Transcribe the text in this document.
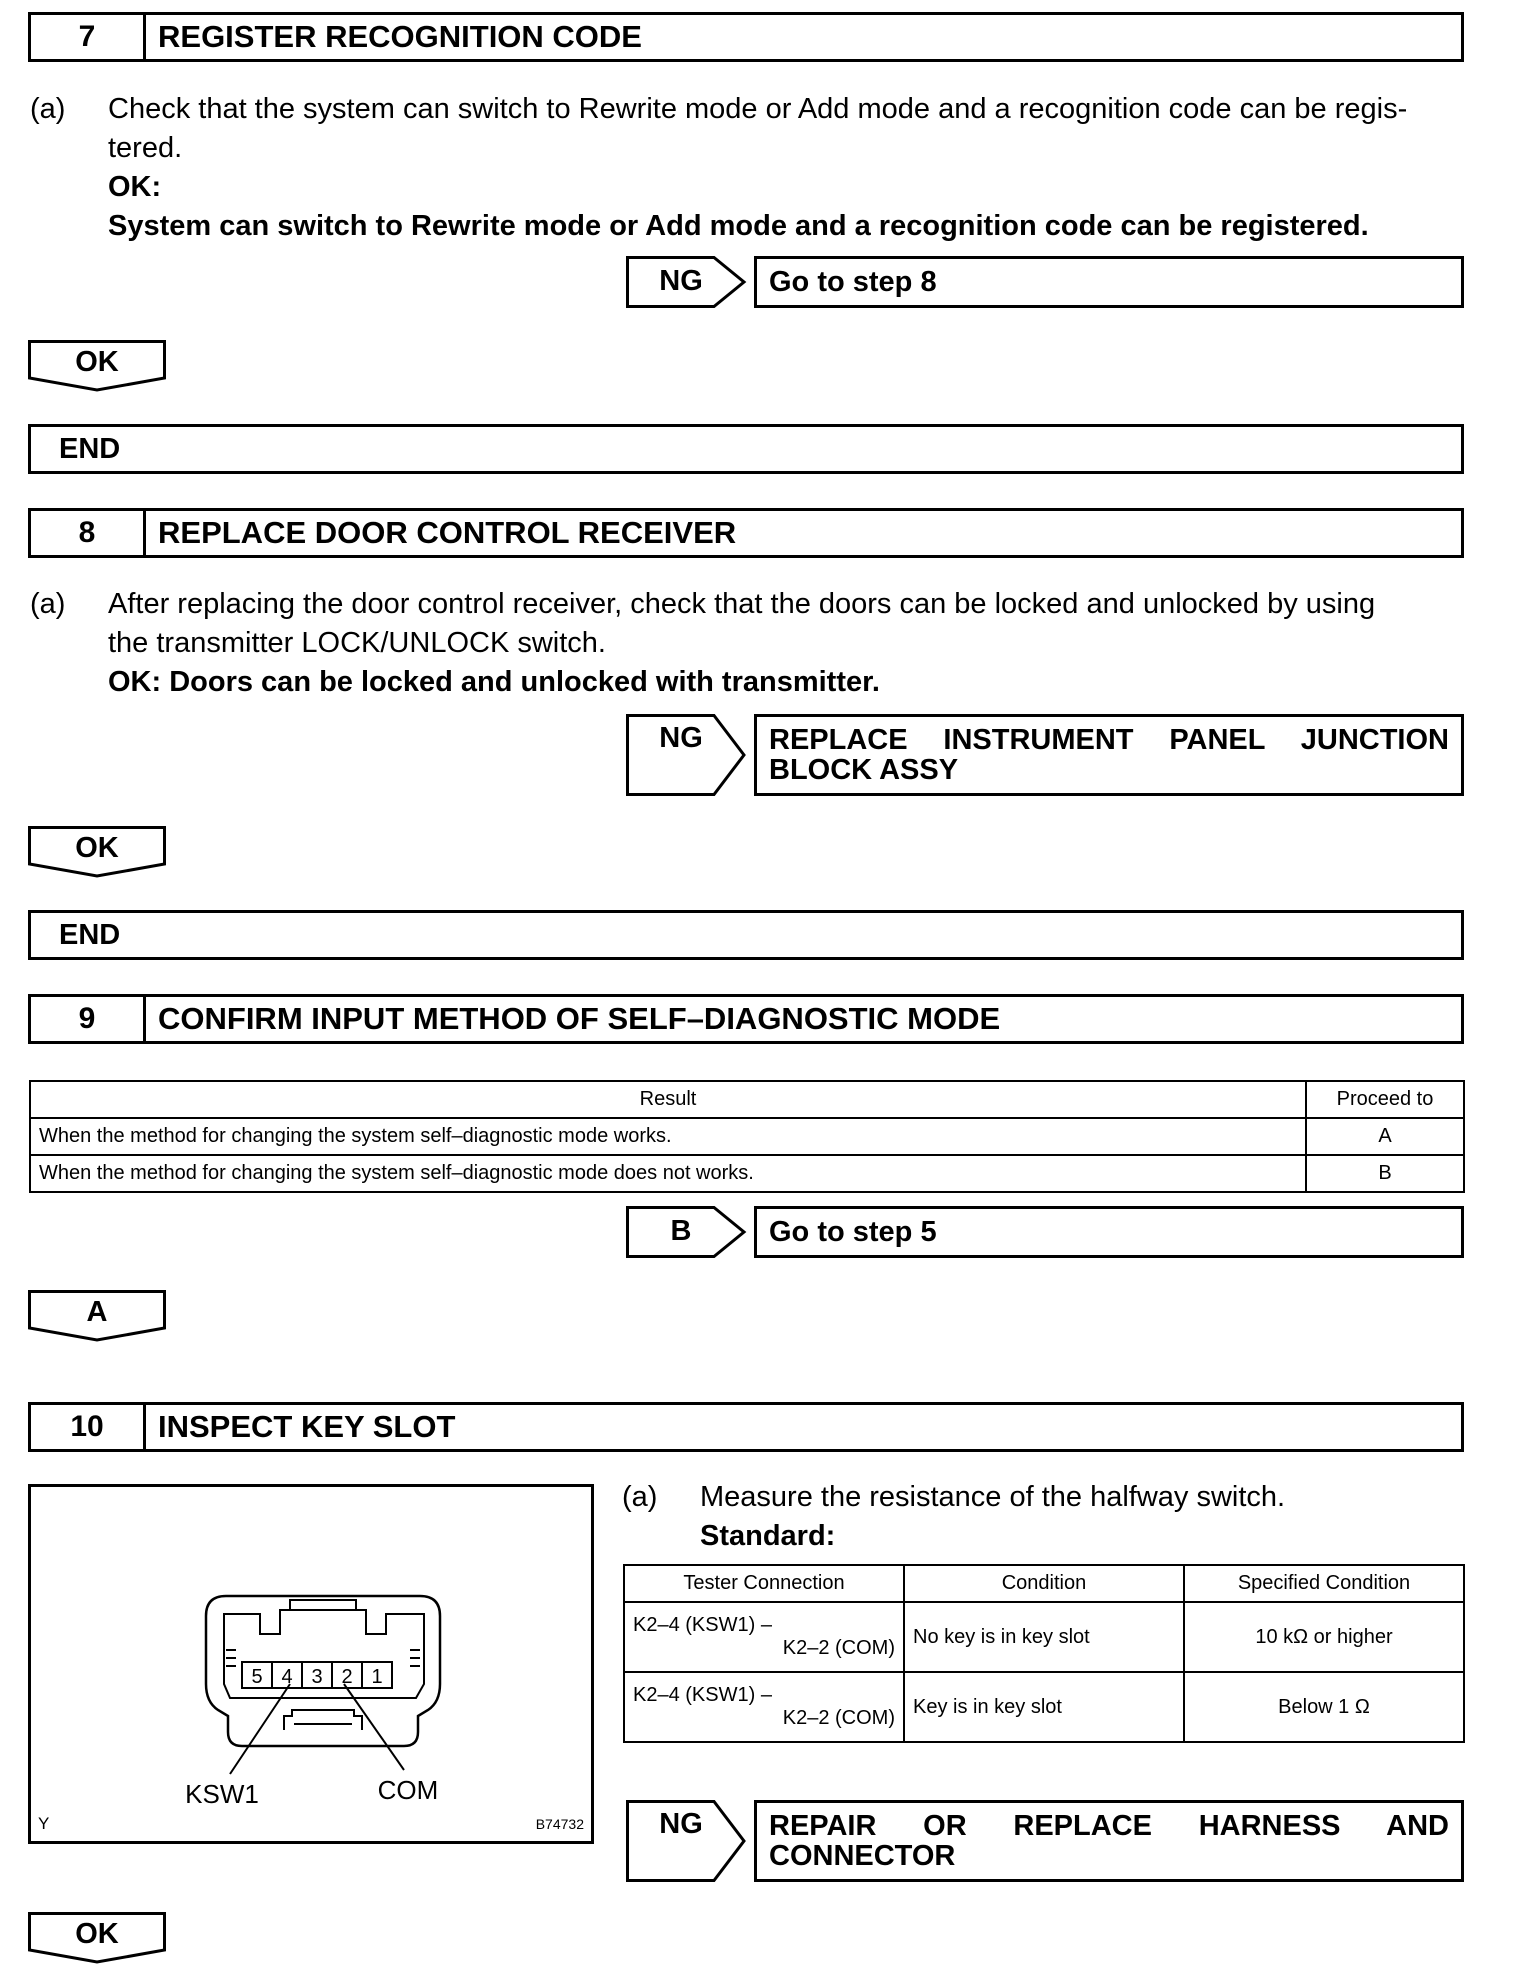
7	REGISTER RECOGNITION CODE
(a) Check that the system can switch to Rewrite mode or Add mode and a recognition code can be regis-
tered.
OK:
System can switch to Rewrite mode or Add mode and a recognition code can be registered.
NG	Go to step 8
OK
END
8	REPLACE DOOR CONTROL RECEIVER
(a) After replacing the door control receiver, check that the doors can be locked and unlocked by using
the transmitter LOCK/UNLOCK switch.
OK: Doors can be locked and unlocked with transmitter.
NG	REPLACE INSTRUMENT PANEL JUNCTION
BLOCK ASSY
OK
END
9	CONFIRM INPUT METHOD OF SELF–DIAGNOSTIC MODE
Result	Proceed to
When the method for changing the system self–diagnostic mode works.	A
When the method for changing the system self–diagnostic mode does not works.	B
B	Go to step 5
A
10	INSPECT KEY SLOT
5 4 3 2 1
KSW1	COM
Y	B74732
(a) Measure the resistance of the halfway switch.
Standard:
Tester Connection	Condition	Specified Condition

K2–4 (KSW1) –
K2–2 (COM)	No key is in key slot	10 kΩ or higher

K2–4 (KSW1) –
K2–2 (COM)	Key is in key slot	Below 1 Ω
NG	REPAIR OR REPLACE HARNESS AND
CONNECTOR
OK
